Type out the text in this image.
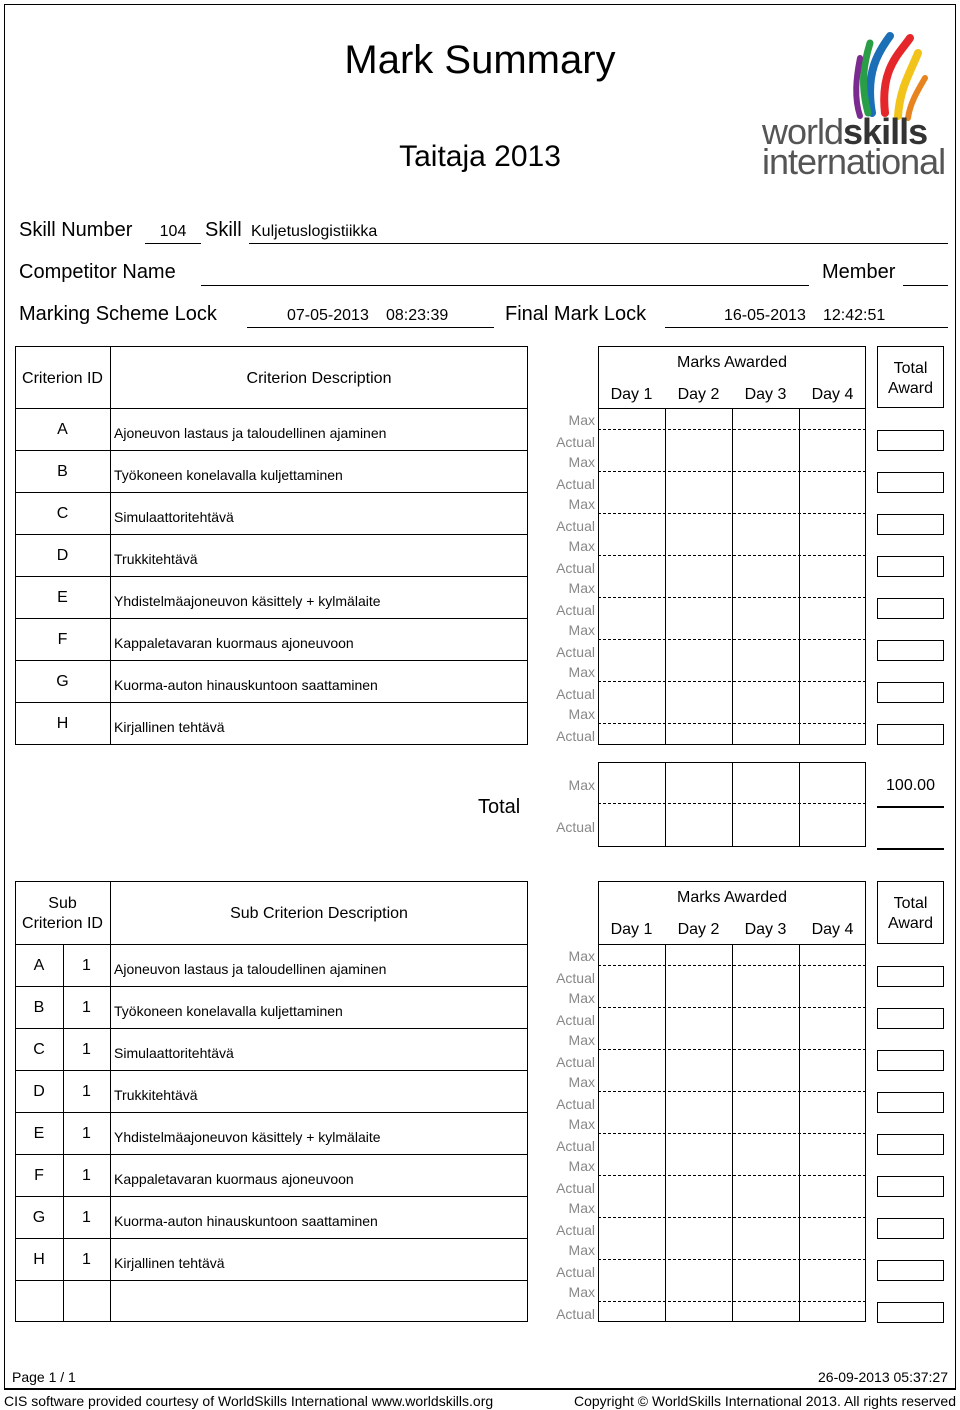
Mark Summary
Taitaja 2013
worldskills
international
Skill Number	104 Skill Kuljetuslogistiikka
Competitor Name	Member
Marking Scheme Lock	07-05-2013 08:23:39	Final Mark Lock	16-05-2013 12:42:51
Criterion ID	Criterion Description
Marks Awarded
Day 1	Day 2	Day 3	Day 4
Total
Award
A	Ajoneuvon lastaus ja taloudellinen ajaminen
Max
Actual
B	Työkoneen konelavalla kuljettaminen
Max
Actual
C	Simulaattoritehtävä
Max
Actual
D	Trukkitehtävä
Max
Actual
E	Yhdistelmäajoneuvon käsittely + kylmälaite
Max
Actual
F	Kappaletavaran kuormaus ajoneuvoon
Max
Actual
G	Kuorma-auton hinauskuntoon saattaminen
Max
Actual
H	Kirjallinen tehtävä
Max
Actual
Total
Max
Actual
100.00
Sub
Criterion ID
Sub Criterion Description
Marks Awarded
Day 1	Day 2	Day 3	Day 4
Total
Award
A	1	Ajoneuvon lastaus ja taloudellinen ajaminen
Max
Actual
B	1	Työkoneen konelavalla kuljettaminen
Max
Actual
C	1	Simulaattoritehtävä
Max
Actual
D	1	Trukkitehtävä
Max
Actual
E	1	Yhdistelmäajoneuvon käsittely + kylmälaite
Max
Actual
F	1	Kappaletavaran kuormaus ajoneuvoon
Max
Actual
G	1	Kuorma-auton hinauskuntoon saattaminen
Max
Actual
H	1	Kirjallinen tehtävä
Max
Actual
Max
Actual
Page 1 / 1	26-09-2013 05:37:27
CIS software provided courtesy of WorldSkills International www.worldskills.org	Copyright © WorldSkills International 2013. All rights reserved
